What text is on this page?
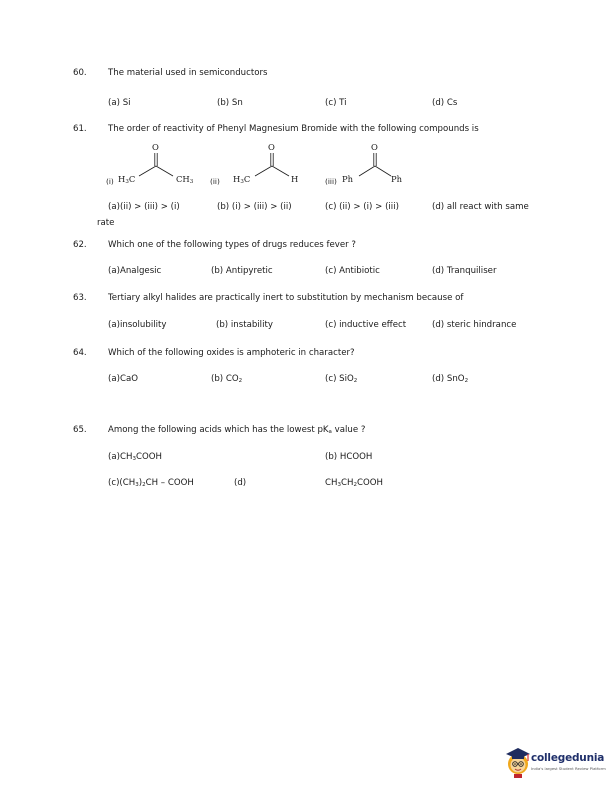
60. The material used in semiconductors
(a) Si	(b) Sn	(c) Ti	(d) Cs
61. The order of reactivity of Phenyl Magnesium Bromide with the following compounds is
(i) $H_3C$
O
$CH_3$ (ii) $H_3C$
O
H	(iii) Ph
O
Ph
(a)(ii) > (iii) > (i)	(b) (i) > (iii) > (ii)	(c) (ii) > (i) > (iii)	(d) all react with same
rate
62. Which one of the following types of drugs reduces fever ?
(a)Analgesic	(b) Antipyretic	(c) Antibiotic	(d) Tranquiliser
63. Tertiary alkyl halides are practically inert to substitution by mechanism because of
(a)insolubility	(b) instability	(c) inductive effect	(d) steric hindrance
64. Which of the following oxides is amphoteric in character?
(a)CaO	(b) $CO_2$	(c) SiO$_2$	(d) SnO$_2$
65. Among the following acids which has the lowest $pK_a$ value ?
$(a)CH_3COOH$	(b) HCOOH
$(c)(CH_3)_2CH$ – COOH	(d)	$CH_3CH_2COOH$
collegedunia
India's largest Student Review Platform
